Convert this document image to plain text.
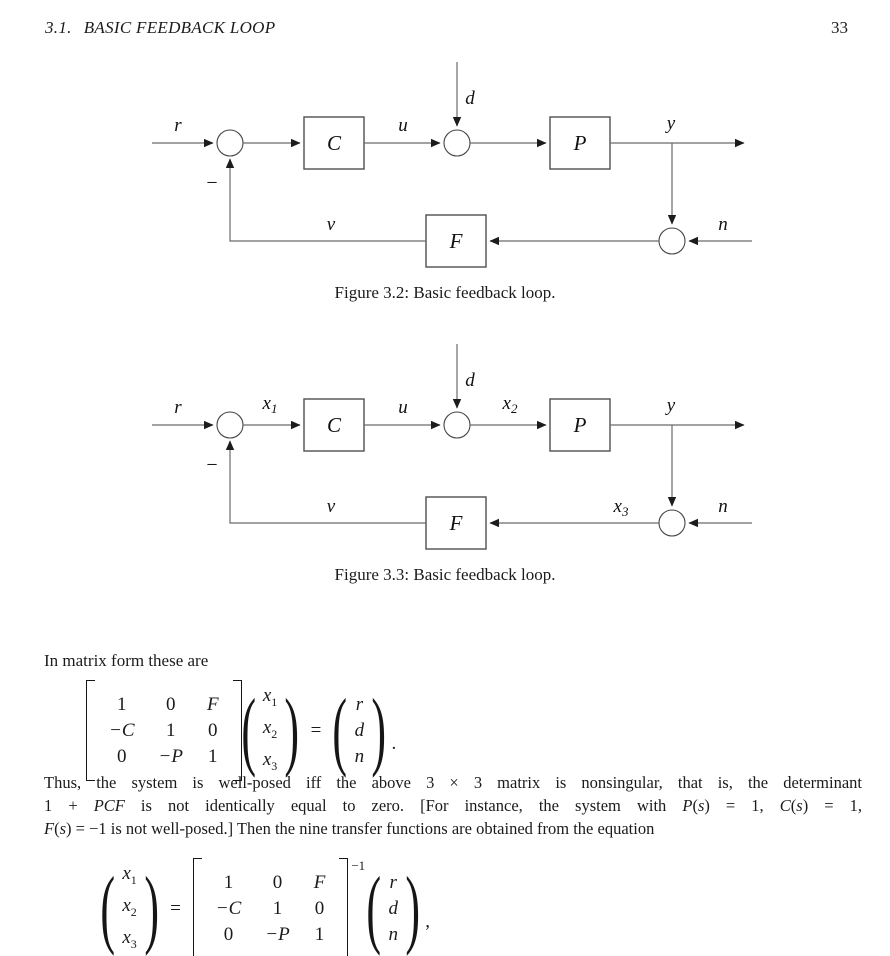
3.1. BASIC FEEDBACK LOOP	33
C	P
F
r	u
d
y
v	n
−
Figure 3.2: Basic feedback loop.
C	P
F
r	$x_1$	u
d
$x_2$	y
v	$x_3$	n
−
Figure 3.3: Basic feedback loop.
In matrix form these are
1 0 F
−C 1 0
0 −P 1 ( $x_1$
$x_2$
$x_3$ ) = ( r
d
n ) .
Thus, the system is well-posed iff the above 3 × 3 matrix is nonsingular, that is, the determinant
1 + PCF is not identically equal to zero. [For instance, the system with P(s) = 1, C(s) = 1,
F(s) = −1 is not well-posed.] Then the nine transfer functions are obtained from the equation
( $x_1$
$x_2$
$x_3$ ) =
1 0 F
−C 1 0
0 −P 1
−1 ( r
d
n ) ,
